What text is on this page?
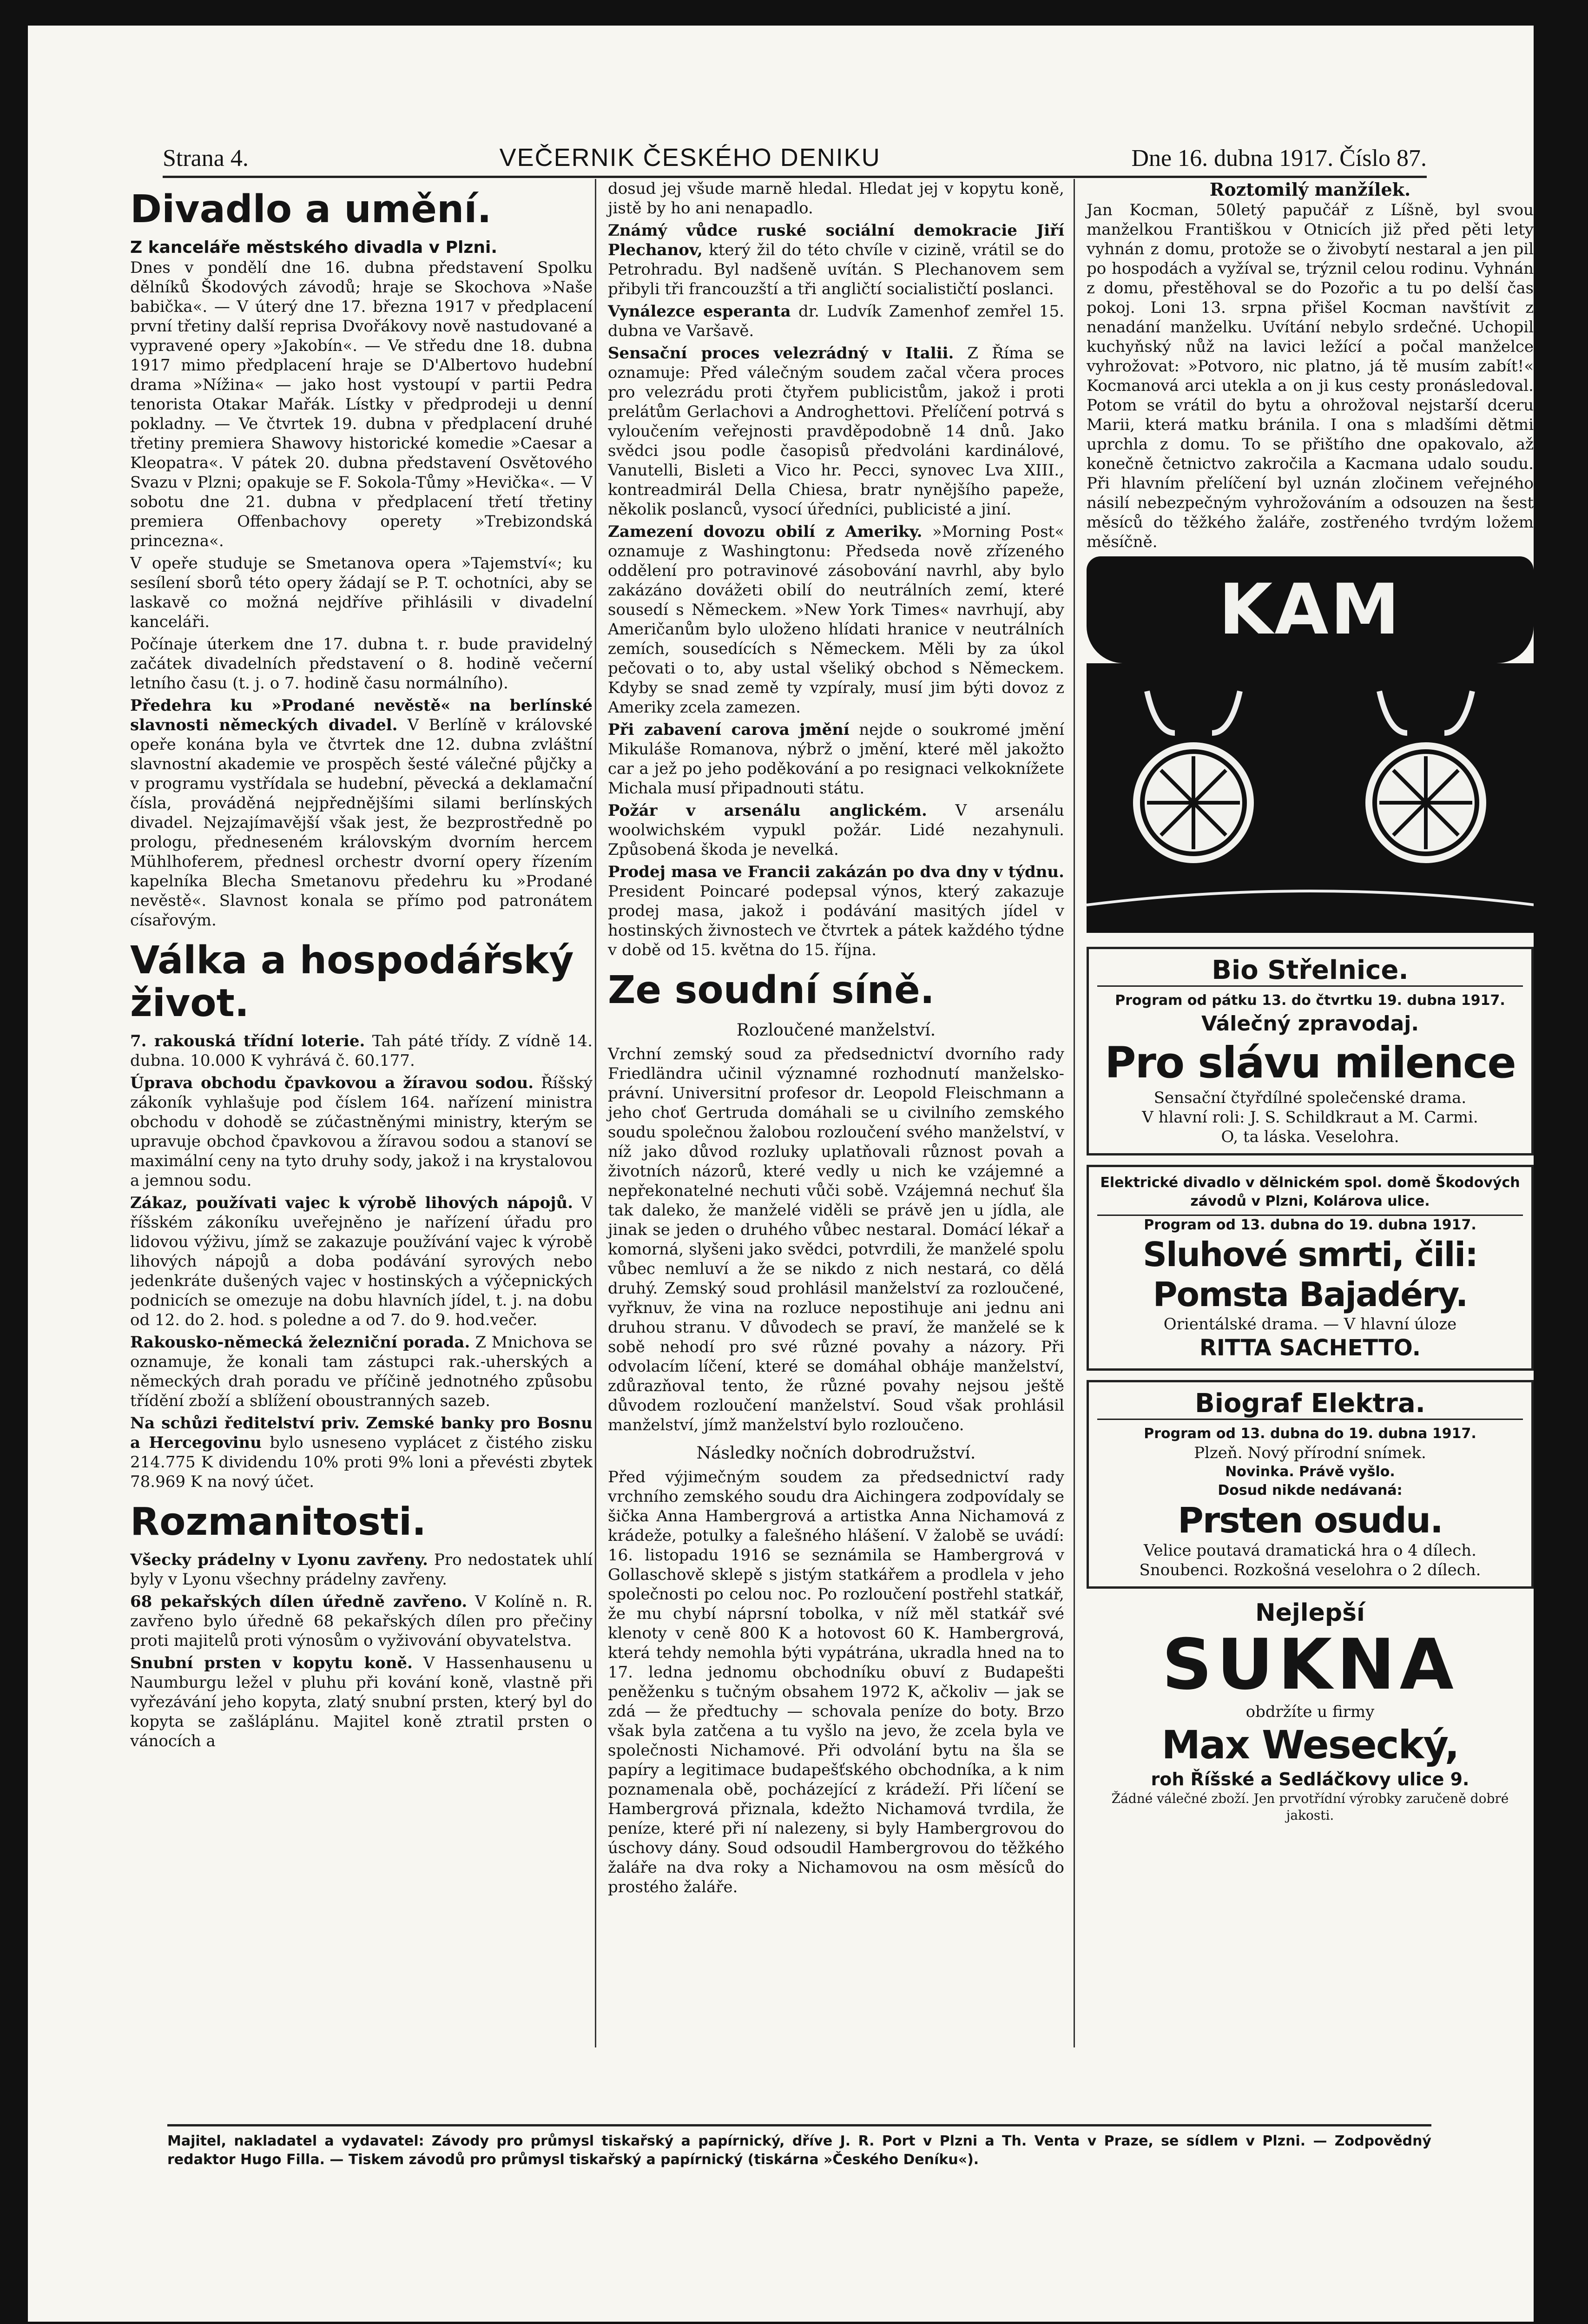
Strana 4.	VEČERNIK ČESKÉHO DENIKU	Dne 16. dubna 1917. Číslo 87.
Divadlo a umění.
Z kanceláře městského divadla v Plzni.

Dnes v pondělí dne 16. dubna představení Spolku dělníků Škodových závodů; hraje se Skochova »Naše babička«. — V úterý dne 17. března 1917 v předplacení první třetiny další reprisa Dvořákovy nově nastudované a vypravené opery »Jakobín«. — Ve středu dne 18. dubna 1917 mimo předplacení hraje se D'Albertovo hudební drama »Nížina« — jako host vystoupí v partii Pedra tenorista Otakar Mařák. Lístky v předprodeji u denní pokladny. — Ve čtvrtek 19. dubna v předplacení druhé třetiny premiera Shawovy historické komedie »Caesar a Kleopatra«. V pátek 20. dubna představení Osvětového Svazu v Plzni; opakuje se F. Sokola-Tůmy »Hevička«. — V sobotu dne 21. dubna v předplacení třetí třetiny premiera Offenbachovy operety »Trebizondská princezna«.

V opeře studuje se Smetanova opera »Tajemství«; ku sesílení sborů této opery žádají se P. T. ochotníci, aby se laskavě co možná nejdříve přihlásili v divadelní kanceláři.

Počínaje úterkem dne 17. dubna t. r. bude pravidelný začátek divadelních představení o 8. hodině večerní letního času (t. j. o 7. hodině času normálního).

Předehra ku »Prodané nevěstě« na berlínské slavnosti německých divadel. V Berlíně v královské opeře konána byla ve čtvrtek dne 12. dubna zvláštní slavnostní akademie ve prospěch šesté válečné půjčky a v programu vystřídala se hudební, pěvecká a deklamační čísla, prováděná nejpřednějšími silami berlínských divadel. Nejzajímavější však jest, že bezprostředně po prologu, předneseném královským dvorním hercem Mühlhoferem, přednesl orchestr dvorní opery řízením kapelníka Blecha Smetanovu předehru ku »Prodané nevěstě«. Slavnost konala se přímo pod patronátem císařovým.

Válka a hospodářský život.

7. rakouská třídní loterie. Tah páté třídy. Z vídně 14. dubna. 10.000 K vyhrává č. 60.177.

Úprava obchodu čpavkovou a žíravou sodou. Říšský zákoník vyhlašuje pod číslem 164. nařízení ministra obchodu v dohodě se zúčastněnými ministry, kterým se upravuje obchod čpavkovou a žíravou sodou a stanoví se maximální ceny na tyto druhy sody, jakož i na krystalovou a jemnou sodu.

Zákaz, používati vajec k výrobě lihových nápojů. V říšském zákoníku uveřejněno je nařízení úřadu pro lidovou výživu, jímž se zakazuje používání vajec k výrobě lihových nápojů a doba podávání syrových nebo jedenkráte dušených vajec v hostinských a výčepnických podnicích se omezuje na dobu hlavních jídel, t. j. na dobu od 12. do 2. hod. s poledne a od 7. do 9. hod.večer.

Rakousko-německá železniční porada. Z Mnichova se oznamuje, že konali tam zástupci rak.-uherských a německých drah poradu ve příčině jednotného způsobu třídění zboží a sblížení oboustranných sazeb.

Na schůzi ředitelství priv. Zemské banky pro Bosnu a Hercegovinu bylo usneseno vyplácet z čistého zisku 214.775 K dividendu 10% proti 9% loni a převésti zbytek 78.969 K na nový účet.

Rozmanitosti.

Všecky prádelny v Lyonu zavřeny. Pro nedostatek uhlí byly v Lyonu všechny prádelny zavřeny.

68 pekařských dílen úředně zavřeno. V Kolíně n. R. zavřeno bylo úředně 68 pekařských dílen pro přečiny proti majitelů proti výnosům o vyživování obyvatelstva.

Snubní prsten v kopytu koně. V Hassenhausenu u Naumburgu ležel v pluhu při kování koně, vlastně při vyřezávání jeho kopyta, zlatý snubní prsten, který byl do kopyta se zašláplánu. Majitel koně ztratil prsten o vánocích a

dosud jej všude marně hledal. Hledat jej v kopytu koně, jistě by ho ani nenapadlo.

Známý vůdce ruské sociální demokracie Jiří Plechanov, který žil do této chvíle v cizině, vrátil se do Petrohradu. Byl nadšeně uvítán. S Plechanovem sem přibyli tři francouzští a tři angličtí socialističtí poslanci.

Vynálezce esperanta dr. Ludvík Zamenhof zemřel 15. dubna ve Varšavě.

Sensační proces velezrádný v Italii. Z Říma se oznamuje: Před válečným soudem začal včera proces pro velezrádu proti čtyřem publicistům, jakož i proti prelátům Gerlachovi a Androghettovi. Přelíčení potrvá s vyloučením veřejnosti pravděpodobně 14 dnů. Jako svědci jsou podle časopisů předvoláni kardinálové, Vanutelli, Bisleti a Vico hr. Pecci, synovec Lva XIII., kontreadmirál Della Chiesa, bratr nynějšího papeže, několik poslanců, vysocí úředníci, publicisté a jiní.

Zamezení dovozu obilí z Ameriky. »Morning Post« oznamuje z Washingtonu: Předseda nově zřízeného oddělení pro potravinové zásobování navrhl, aby bylo zakázáno dovážeti obilí do neutrálních zemí, které sousedí s Německem. »New York Times« navrhují, aby Američanům bylo uloženo hlídati hranice v neutrálních zemích, sousedících s Německem. Měli by za úkol pečovati o to, aby ustal všeliký obchod s Německem. Kdyby se snad země ty vzpíraly, musí jim býti dovoz z Ameriky zcela zamezen.

Při zabavení carova jmění nejde o soukromé jmění Mikuláše Romanova, nýbrž o jmění, které měl jakožto car a jež po jeho poděkování a po resignaci velkoknížete Michala musí připadnouti státu.

Požár v arsenálu anglickém. V arsenálu woolwichském vypukl požár. Lidé nezahynuli. Způsobená škoda je nevelká.

Prodej masa ve Francii zakázán po dva dny v týdnu. President Poincaré podepsal výnos, který zakazuje prodej masa, jakož i podávání masitých jídel v hostinských živnostech ve čtvrtek a pátek každého týdne v době od 15. května do 15. října.

Ze soudní síně.
Rozloučené manželství.

Vrchní zemský soud za předsednictví dvorního rady Friedländra učinil významné rozhodnutí manželsko-právní. Universitní profesor dr. Leopold Fleischmann a jeho choť Gertruda domáhali se u civilního zemského soudu společnou žalobou rozloučení svého manželství, v níž jako důvod rozluky uplatňovali různost povah a životních názorů, které vedly u nich ke vzájemné a nepřekonatelné nechuti vůči sobě. Vzájemná nechuť šla tak daleko, že manželé viděli se právě jen u jídla, ale jinak se jeden o druhého vůbec nestaral. Domácí lékař a komorná, slyšeni jako svědci, potvrdili, že manželé spolu vůbec nemluví a že se nikdo z nich nestará, co dělá druhý. Zemský soud prohlásil manželství za rozloučené, vyřknuv, že vina na rozluce nepostihuje ani jednu ani druhou stranu. V důvodech se praví, že manželé se k sobě nehodí pro své různé povahy a názory. Při odvolacím líčení, které se domáhal obháje manželství, zdůrazňoval tento, že různé povahy nejsou ještě důvodem rozloučení manželství. Soud však prohlásil manželství, jímž manželství bylo rozloučeno.

Následky nočních dobrodružství.

Před výjimečným soudem za předsednictví rady vrchního zemského soudu dra Aichingera zodpovídaly se šička Anna Hambergrová a artistka Anna Nichamová z krádeže, potulky a falešného hlášení. V žalobě se uvádí: 16. listopadu 1916 se seznámila se Hambergrová v Gollaschově sklepě s jistým statkářem a prodlela v jeho společnosti po celou noc. Po rozloučení postřehl statkář, že mu chybí náprsní tobolka, v níž měl statkář své klenoty v ceně 800 K a hotovost 60 K. Hambergrová, která tehdy nemohla býti vypátrána, ukradla hned na to 17. ledna jednomu obchodníku obuví z Budapešti peněženku s tučným obsahem 1972 K, ačkoliv — jak se zdá — že předtuchy — schovala peníze do boty. Brzo však byla zatčena a tu vyšlo na jevo, že zcela byla ve společnosti Nichamové. Při odvolání bytu na šla se papíry a legitimace budapešťského obchodníka, a k nim poznamenala obě, pocházející z krádeží. Při líčení se Hambergrová přiznala, kdežto Nichamová tvrdila, že peníze, které při ní nalezeny, si byly Hambergrovou do úschovy dány. Soud odsoudil Hambergrovou do těžkého žaláře na dva roky a Nichamovou na osm měsíců do prostého žaláře.

Roztomilý manžílek.

Jan Kocman, 50letý papučář z Líšně, byl svou manželkou Františkou v Otnicích již před pěti lety vyhnán z domu, protože se o živobytí nestaral a jen pil po hospodách a vyžíval se, trýznil celou rodinu. Vyhnán z domu, přestěhoval se do Pozořic a tu po delší čas pokoj. Loni 13. srpna přišel Kocman navštívit z nenadání manželku. Uvítání nebylo srdečné. Uchopil kuchyňský nůž na lavici ležící a počal manželce vyhrožovat: »Potvoro, nic platno, já tě musím zabít!« Kocmanová arci utekla a on ji kus cesty pronásledoval. Potom se vrátil do bytu a ohrožoval nejstarší dceru Marii, která matku bránila. I ona s mladšími dětmi uprchla z domu. To se přištího dne opakovalo, až konečně četnictvo zakročila a Kacmana udalo soudu. Při hlavním přelíčení byl uznán zločinem veřejného násilí nebezpečným vyhrožováním a odsouzen na šest měsíců do těžkého žaláře, zostřeného tvrdým ložem měsíčně.

KAM
Bio Střelnice.
Program od pátku 13. do čtvrtku 19. dubna 1917.
Válečný zpravodaj.
Pro slávu milence
Sensační čtyřdílné společenské drama.
V hlavní roli: J. S. Schildkraut a M. Carmi.
O, ta láska. Veselohra.
Elektrické divadlo v dělnickém spol. domě Škodových závodů v Plzni, Kolárova ulice.
Program od 13. dubna do 19. dubna 1917.
Sluhové smrti, čili: Pomsta Bajadéry.
Orientálské drama. — V hlavní úloze
RITTA SACHETTO.
Biograf Elektra.
Program od 13. dubna do 19. dubna 1917.
Plzeň. Nový přírodní snímek.
Novinka. Právě vyšlo.
Dosud nikde nedávaná:
Prsten osudu.
Velice poutavá dramatická hra o 4 dílech.
Snoubenci. Rozkošná veselohra o 2 dílech.
Nejlepší
SUKNA
obdržíte u firmy
Max Wesecký,
roh Říšské a Sedláčkovy ulice 9.
Žádné válečné zboží. Jen prvotřídní výrobky zaručeně dobré jakosti.
Majitel, nakladatel a vydavatel: Závody pro průmysl tiskařský a papírnický, dříve J. R. Port v Plzni a Th. Venta v Praze, se sídlem v Plzni. — Zodpovědný redaktor Hugo Filla. — Tiskem závodů pro průmysl tiskařský a papírnický (tiskárna »Českého Deníku«).
